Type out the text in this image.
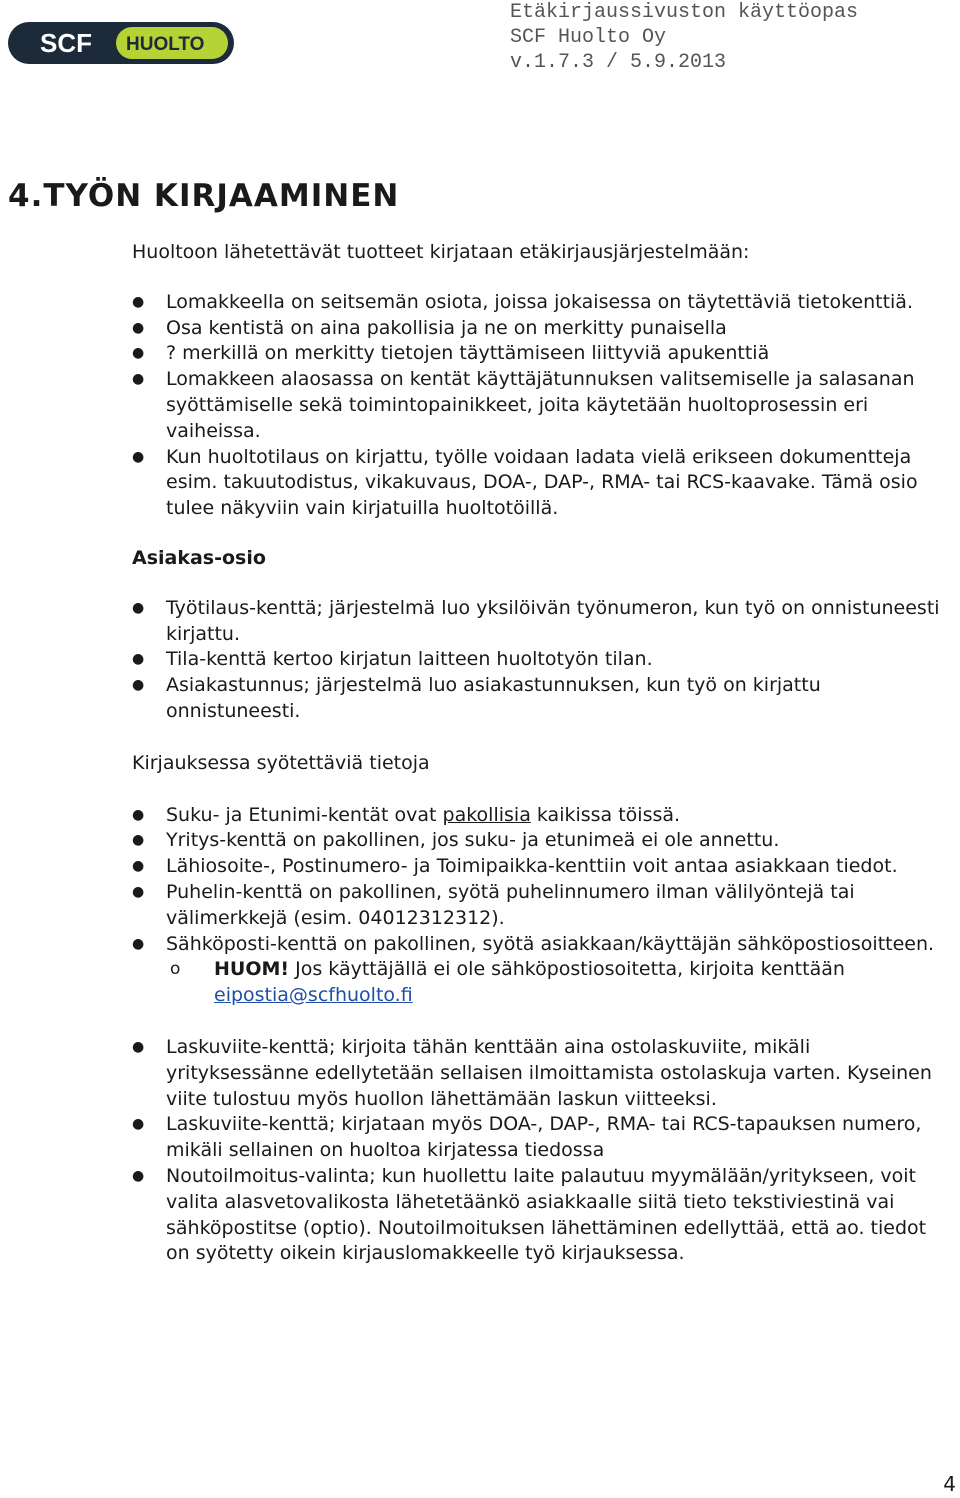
SCF HUOLTO
Etäkirjaussivuston käyttöopas
SCF Huolto Oy
v.1.7.3 / 5.9.2013
4.TYÖN KIRJAAMINEN

Huoltoon lähetettävät tuotteet kirjataan etäkirjausjärjestelmään:

● Lomakkeella on seitsemän osiota, joissa jokaisessa on täytettäviä tietokenttiä.
● Osa kentistä on aina pakollisia ja ne on merkitty punaisella
● ? merkillä on merkitty tietojen täyttämiseen liittyviä apukenttiä
● Lomakkeen alaosassa on kentät käyttäjätunnuksen valitsemiselle ja salasanan syöttämiselle sekä toimintopainikkeet, joita käytetään huoltoprosessin eri vaiheissa.
● Kun huoltotilaus on kirjattu, työlle voidaan ladata vielä erikseen dokumentteja esim. takuutodistus, vikakuvaus, DOA-, DAP-, RMA- tai RCS-kaavake. Tämä osio tulee näkyviin vain kirjatuilla huoltotöillä.

Asiakas-osio

● Työtilaus-kenttä; järjestelmä luo yksilöivän työnumeron, kun työ on onnistuneesti kirjattu.
● Tila-kenttä kertoo kirjatun laitteen huoltotyön tilan.
● Asiakastunnus; järjestelmä luo asiakastunnuksen, kun työ on kirjattu onnistuneesti.

Kirjauksessa syötettäviä tietoja

● Suku- ja Etunimi-kentät ovat pakollisia kaikissa töissä.
● Yritys-kenttä on pakollinen, jos suku- ja etunimeä ei ole annettu.
● Lähiosoite-, Postinumero- ja Toimipaikka-kenttiin voit antaa asiakkaan tiedot.
● Puhelin-kenttä on pakollinen, syötä puhelinnumero ilman välilyöntejä tai välimerkkejä (esim. 04012312312).
● Sähköposti-kenttä on pakollinen, syötä asiakkaan/käyttäjän sähköpostiosoitteen.
o HUOM! Jos käyttäjällä ei ole sähköpostiosoitetta, kirjoita kenttään eipostia@scfhuolto.fi
● Laskuviite-kenttä; kirjoita tähän kenttään aina ostolaskuviite, mikäli yrityksessänne edellytetään sellaisen ilmoittamista ostolaskuja varten. Kyseinen viite tulostuu myös huollon lähettämään laskun viitteeksi.
● Laskuviite-kenttä; kirjataan myös DOA-, DAP-, RMA- tai RCS-tapauksen numero, mikäli sellainen on huoltoa kirjatessa tiedossa
● Noutoilmoitus-valinta; kun huollettu laite palautuu myymälään/yritykseen, voit valita alasvetovalikosta lähetetäänkö asiakkaalle siitä tieto tekstiviestinä vai sähköpostitse (optio). Noutoilmoituksen lähettäminen edellyttää, että ao. tiedot on syötetty oikein kirjauslomakkeelle työ kirjauksessa.
4
